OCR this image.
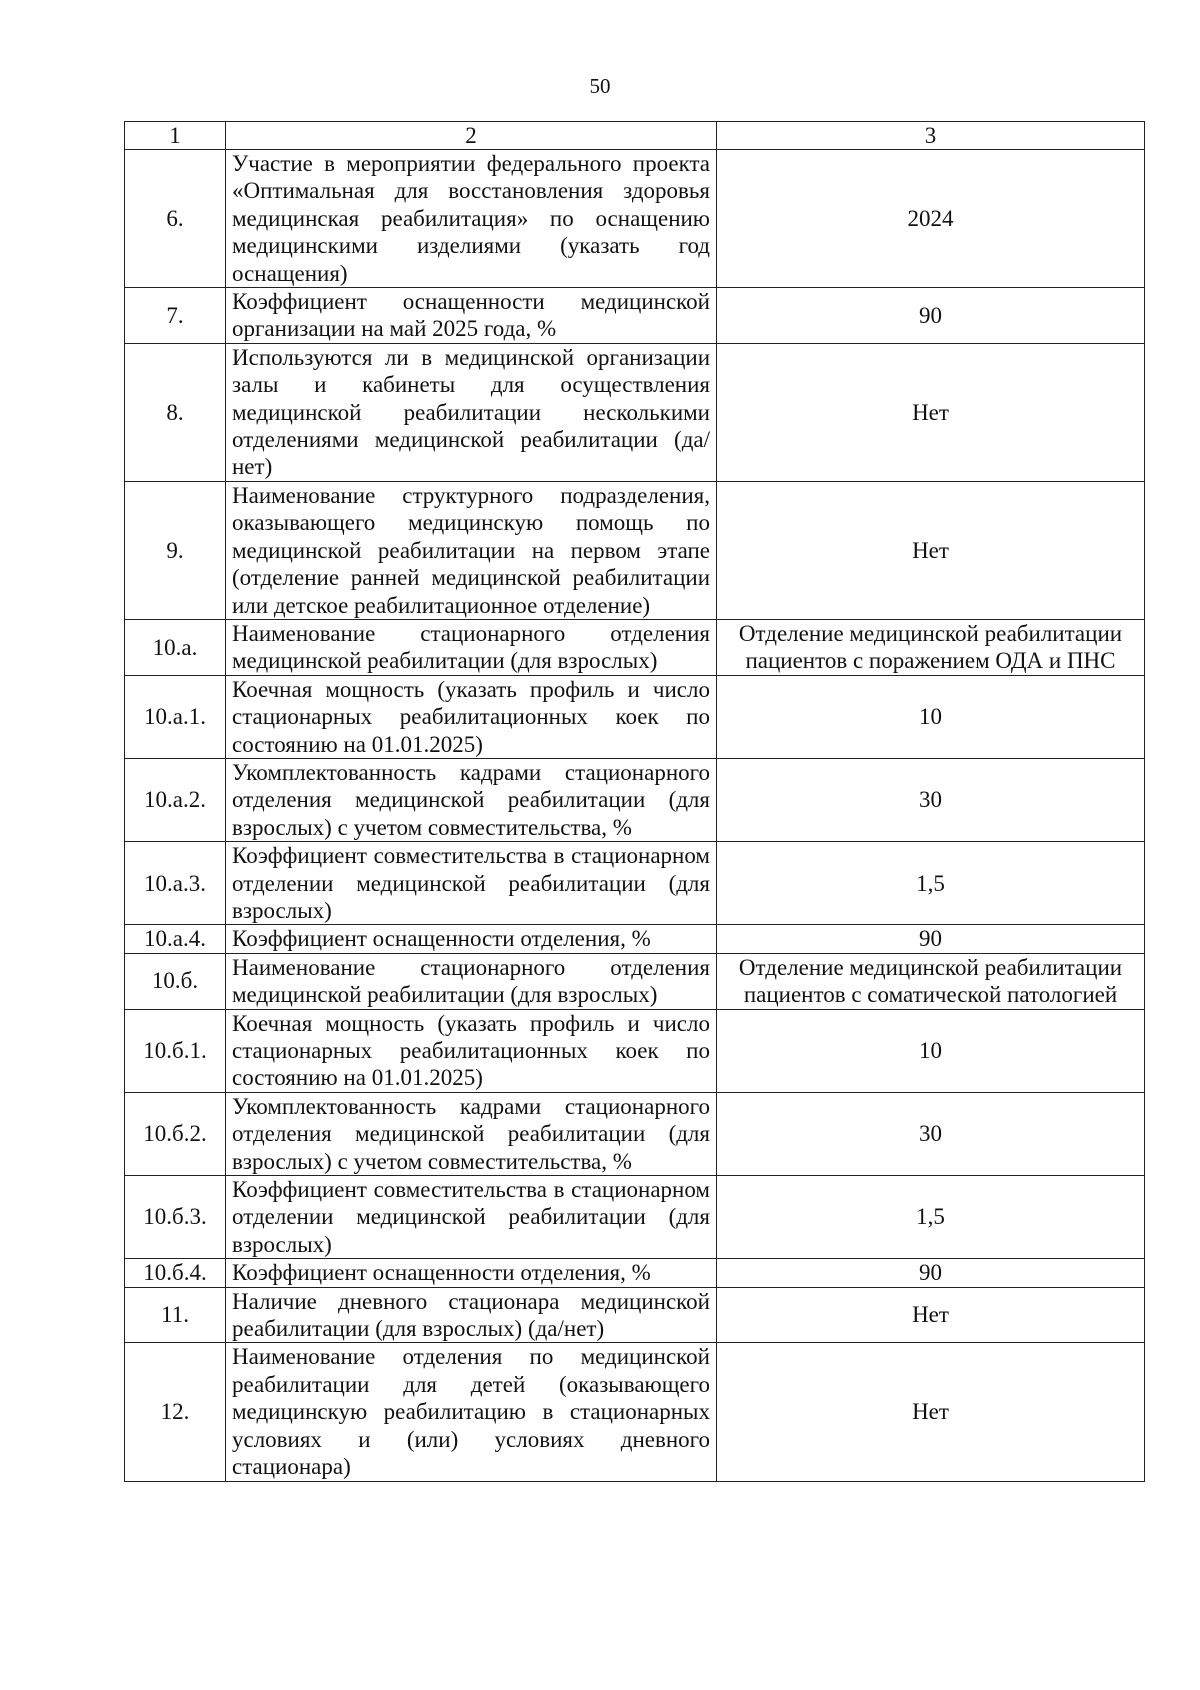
50
1	2	3
6.	Участие в мероприятии федерального проекта «Оптимальная для восстановления здоровья медицинская реабилитация» по оснащению медицинскими изделиями (указать год оснащения)	2024
7.	Коэффициент оснащенности медицинской организации на май 2025 года, %	90
8.	Используются ли в медицинской организации залы и кабинеты для осуществления медицинской реабилитации несколькими отделениями медицинской реабилитации (да/нет)	Нет
9.	Наименование структурного подразделения, оказывающего медицинскую помощь по медицинской реабилитации на первом этапе (отделение ранней медицинской реабилитации или детское реабилитационное отделение)	Нет
10.а.	Наименование стационарного отделения медицинской реабилитации (для взрослых)	Отделение медицинской реабилитации пациентов с поражением ОДА и ПНС
10.а.1.	Коечная мощность (указать профиль и число стационарных реабилитационных коек по состоянию на 01.01.2025)	10
10.а.2.	Укомплектованность кадрами стационарного отделения медицинской реабилитации (для взрослых) с учетом совместительства, %	30
10.а.3.	Коэффициент совместительства в стационарном отделении медицинской реабилитации (для взрослых)	1,5
10.а.4.	Коэффициент оснащенности отделения, %	90
10.б.	Наименование стационарного отделения медицинской реабилитации (для взрослых)	Отделение медицинской реабилитации пациентов с соматической патологией
10.б.1.	Коечная мощность (указать профиль и число стационарных реабилитационных коек по состоянию на 01.01.2025)	10
10.б.2.	Укомплектованность кадрами стационарного отделения медицинской реабилитации (для взрослых) с учетом совместительства, %	30
10.б.3.	Коэффициент совместительства в стационарном отделении медицинской реабилитации (для взрослых)	1,5
10.б.4.	Коэффициент оснащенности отделения, %	90
11.	Наличие дневного стационара медицинской реабилитации (для взрослых) (да/нет)	Нет
12.	Наименование отделения по медицинской реабилитации для детей (оказывающего медицинскую реабилитацию в стационарных условиях и (или) условиях дневного стационара)	Нет
